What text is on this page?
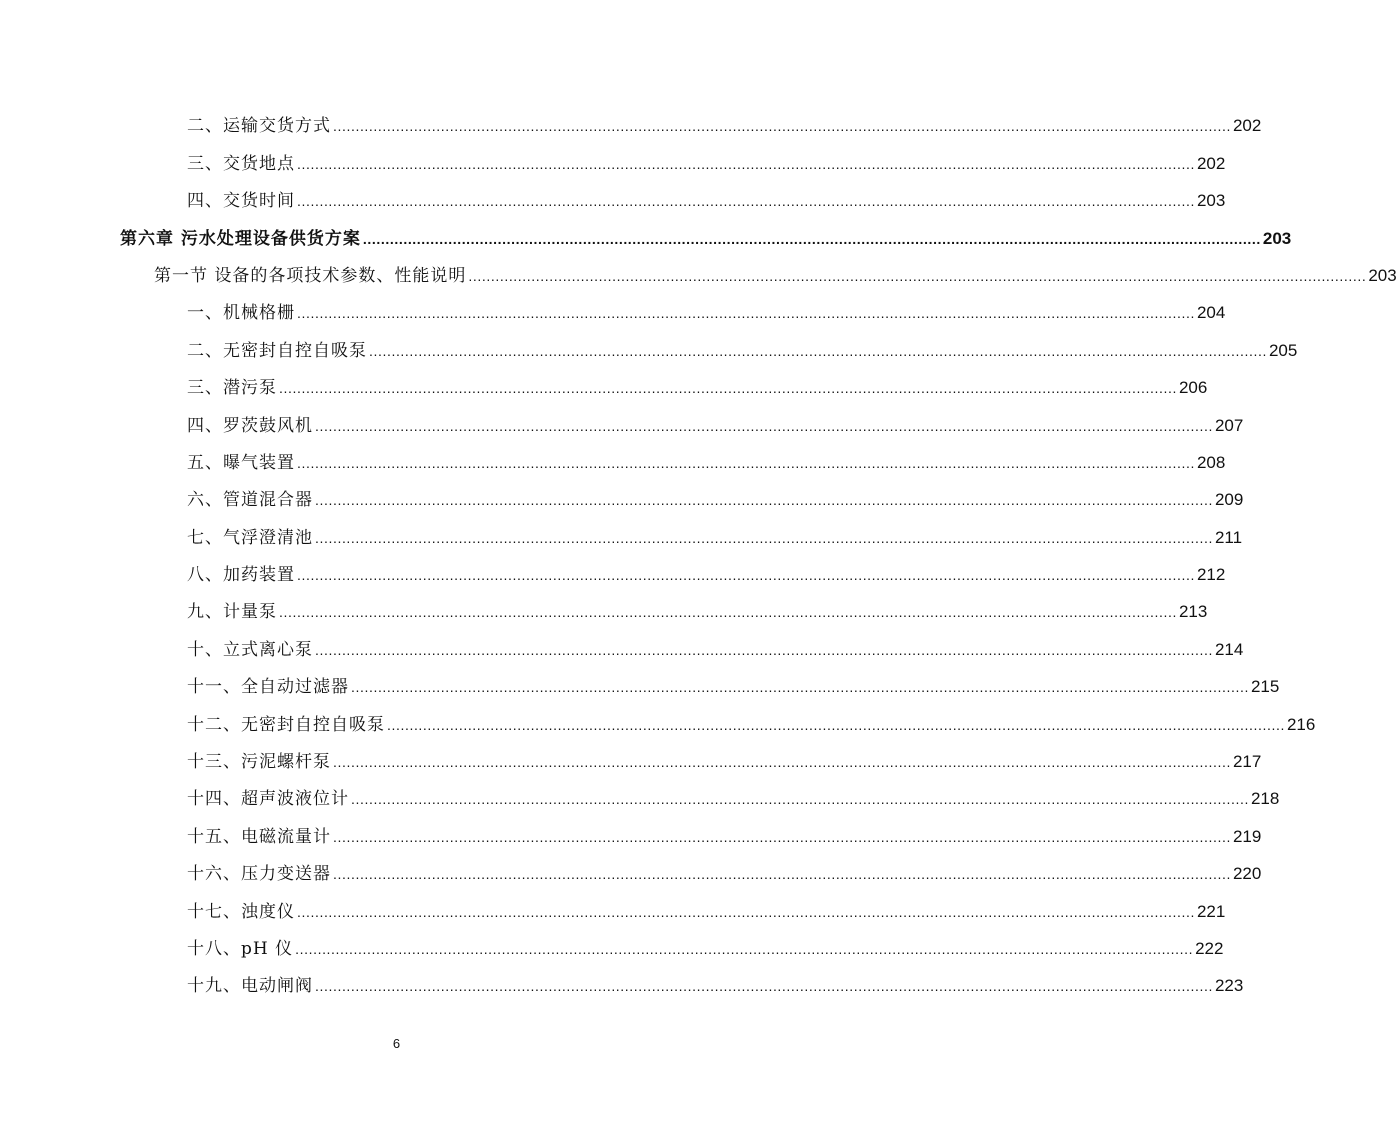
二、运输交货方式 ........................................................................................................................................................................................................ 202
三、交货地点 ........................................................................................................................................................................................................ 202
四、交货时间 ........................................................................................................................................................................................................ 203
第六章 污水处理设备供货方案 ........................................................................................................................................................................................................ 203
第一节 设备的各项技术参数、性能说明 ........................................................................................................................................................................................................ 203
一、机械格栅 ........................................................................................................................................................................................................ 204
二、无密封自控自吸泵 ........................................................................................................................................................................................................ 205
三、潜污泵 ........................................................................................................................................................................................................ 206
四、罗茨鼓风机 ........................................................................................................................................................................................................ 207
五、曝气装置 ........................................................................................................................................................................................................ 208
六、管道混合器 ........................................................................................................................................................................................................ 209
七、气浮澄清池 ........................................................................................................................................................................................................ 211
八、加药装置 ........................................................................................................................................................................................................ 212
九、计量泵 ........................................................................................................................................................................................................ 213
十、立式离心泵 ........................................................................................................................................................................................................ 214
十一、全自动过滤器 ........................................................................................................................................................................................................ 215
十二、无密封自控自吸泵 ........................................................................................................................................................................................................ 216
十三、污泥螺杆泵 ........................................................................................................................................................................................................ 217
十四、超声波液位计 ........................................................................................................................................................................................................ 218
十五、电磁流量计 ........................................................................................................................................................................................................ 219
十六、压力变送器 ........................................................................................................................................................................................................ 220
十七、浊度仪 ........................................................................................................................................................................................................ 221
十八、pH 仪 ........................................................................................................................................................................................................ 222
十九、电动闸阀 ........................................................................................................................................................................................................ 223
6
